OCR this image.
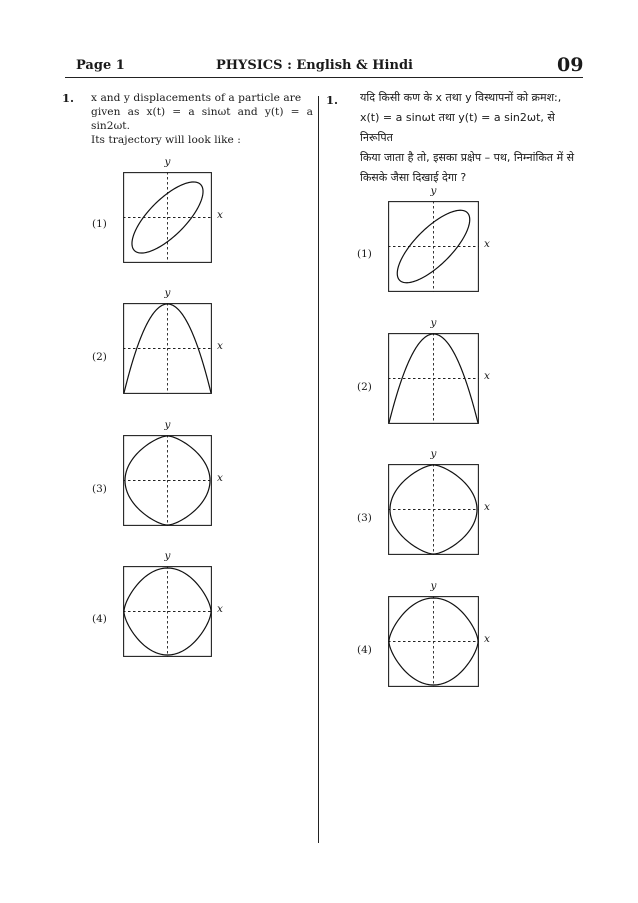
Page 1	PHYSICS : English & Hindi	09
1. x and y displacements of a particle are

given as x(t) = a sinωt and y(t) = a sin2ωt.

Its trajectory will look like :

1. यदि किसी कण के x तथा y विस्थापनों को क्रमश:,

x(t) = a sinωt तथा y(t) = a sin2ωt, से निरूपित

किया जाता है तो, इसका प्रक्षेप – पथ, निम्नांकित में से

किसके जैसा दिखाई देगा ?

(1)
y
x
(2)
y
x
(3)
y
x
(4)
y
x
(1)
y
x
(2)
y
x
(3)
y
x
(4)
y
x
